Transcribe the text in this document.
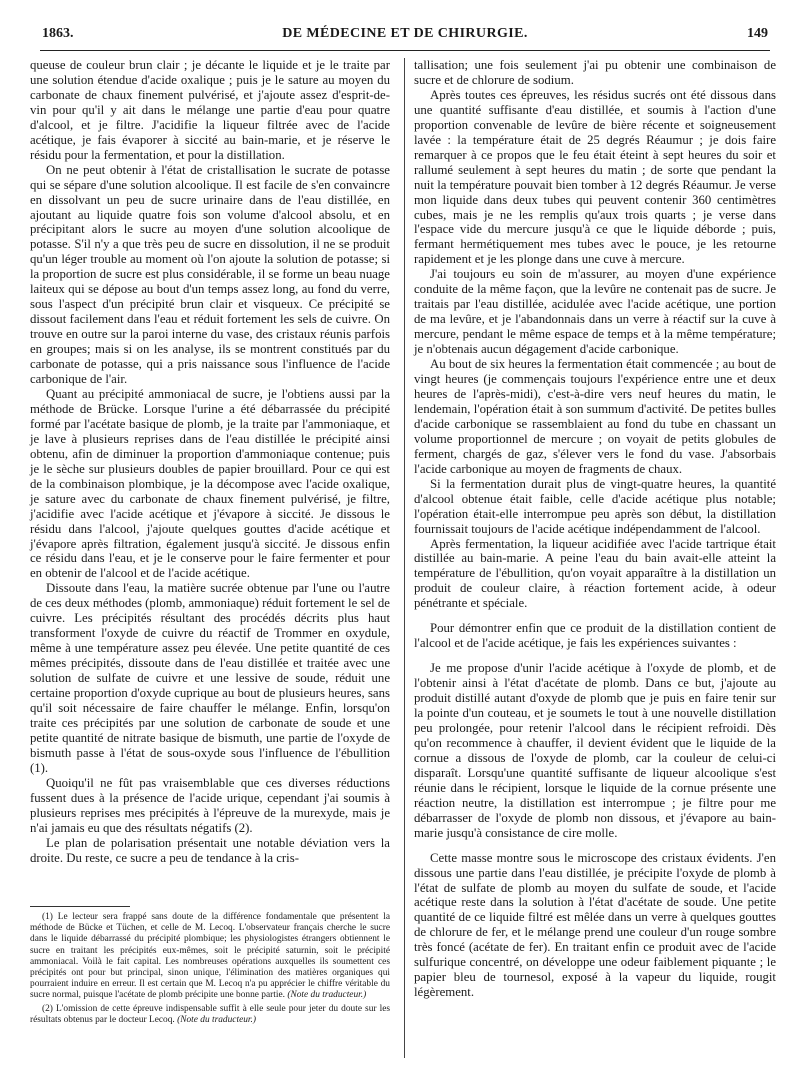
1863.	DE MÉDECINE ET DE CHIRURGIE.	149

queuse de couleur brun clair ; je décante le liquide et je le traite par une solution étendue d'acide oxalique ; puis je le sature au moyen du carbonate de chaux finement pulvérisé, et j'ajoute assez d'esprit-de-vin pour qu'il y ait dans le mélange une partie d'eau pour quatre d'alcool, et je filtre. J'acidifie la liqueur filtrée avec de l'acide acétique, je fais évaporer à siccité au bain-marie, et je réserve le résidu pour la fermentation, et pour la distillation.

On ne peut obtenir à l'état de cristallisation le sucrate de potasse qui se sépare d'une solution alcoolique. Il est facile de s'en convaincre en dissolvant un peu de sucre urinaire dans de l'eau distillée, en ajoutant au liquide quatre fois son volume d'alcool absolu, et en précipitant alors le sucre au moyen d'une solution alcoolique de potasse. S'il n'y a que très peu de sucre en dissolution, il ne se produit qu'un léger trouble au moment où l'on ajoute la solution de potasse; si la proportion de sucre est plus considérable, il se forme un beau nuage laiteux qui se dépose au bout d'un temps assez long, au fond du verre, sous l'aspect d'un précipité brun clair et visqueux. Ce précipité se dissout facilement dans l'eau et réduit fortement les sels de cuivre. On trouve en outre sur la paroi interne du vase, des cristaux réunis parfois en groupes; mais si on les analyse, ils se montrent constitués par du carbonate de potasse, qui a pris naissance sous l'influence de l'acide carbonique de l'air.

Quant au précipité ammoniacal de sucre, je l'obtiens aussi par la méthode de Brücke. Lorsque l'urine a été débarrassée du précipité formé par l'acétate basique de plomb, je la traite par l'ammoniaque, et je lave à plusieurs reprises dans de l'eau distillée le précipité ainsi obtenu, afin de diminuer la proportion d'ammoniaque contenue; puis je le sèche sur plusieurs doubles de papier brouillard. Pour ce qui est de la combinaison plombique, je la décompose avec l'acide oxalique, je sature avec du carbonate de chaux finement pulvérisé, je filtre, j'acidifie avec l'acide acétique et j'évapore à siccité. Je dissous le résidu dans l'alcool, j'ajoute quelques gouttes d'acide acétique et j'évapore après filtration, également jusqu'à siccité. Je dissous enfin ce résidu dans l'eau, et je le conserve pour le faire fermenter et pour en obtenir de l'alcool et de l'acide acétique.

Dissoute dans l'eau, la matière sucrée obtenue par l'une ou l'autre de ces deux méthodes (plomb, ammoniaque) réduit fortement le sel de cuivre. Les précipités résultant des procédés décrits plus haut transforment l'oxyde de cuivre du réactif de Trommer en oxydule, même à une température assez peu élevée. Une petite quantité de ces mêmes précipités, dissoute dans de l'eau distillée et traitée avec une solution de sulfate de cuivre et une lessive de soude, réduit une certaine proportion d'oxyde cuprique au bout de plusieurs heures, sans qu'il soit nécessaire de faire chauffer le mélange. Enfin, lorsqu'on traite ces précipités par une solution de carbonate de soude et une petite quantité de nitrate basique de bismuth, une partie de l'oxyde de bismuth passe à l'état de sous-oxyde sous l'influence de l'ébullition (1).

Quoiqu'il ne fût pas vraisemblable que ces diverses réductions fussent dues à la présence de l'acide urique, cependant j'ai soumis à plusieurs reprises mes précipités à l'épreuve de la murexyde, mais je n'ai jamais eu que des résultats négatifs (2).

Le plan de polarisation présentait une notable déviation vers la droite. Du reste, ce sucre a peu de tendance à la cris-

(1) Le lecteur sera frappé sans doute de la différence fondamentale que présentent la méthode de Bücke et Tüchen, et celle de M. Lecoq. L'observateur français cherche le sucre dans le liquide débarrassé du précipité plombique; les physiologistes étrangers obtiennent le sucre en traitant les précipités eux-mêmes, soit le précipité saturnin, soit le précipité ammoniacal. Voilà le fait capital. Les nombreuses opérations auxquelles ils soumettent ces précipités ont pour but principal, sinon unique, l'élimination des matières organiques qui pourraient induire en erreur. Il est certain que M. Lecoq n'a pu apprécier le chiffre véritable du sucre normal, puisque l'acétate de plomb précipite une bonne partie. (Note du traducteur.)

(2) L'omission de cette épreuve indispensable suffit à elle seule pour jeter du doute sur les résultats obtenus par le docteur Lecoq. (Note du traducteur.)

tallisation; une fois seulement j'ai pu obtenir une combinaison de sucre et de chlorure de sodium.

Après toutes ces épreuves, les résidus sucrés ont été dissous dans une quantité suffisante d'eau distillée, et soumis à l'action d'une proportion convenable de levûre de bière récente et soigneusement lavée : la température était de 25 degrés Réaumur ; je dois faire remarquer à ce propos que le feu était éteint à sept heures du soir et rallumé seulement à sept heures du matin ; de sorte que pendant la nuit la température pouvait bien tomber à 12 degrés Réaumur. Je verse mon liquide dans deux tubes qui peuvent contenir 360 centimètres cubes, mais je ne les remplis qu'aux trois quarts ; je verse dans l'espace vide du mercure jusqu'à ce que le liquide déborde ; puis, fermant hermétiquement mes tubes avec le pouce, je les retourne rapidement et je les plonge dans une cuve à mercure.

J'ai toujours eu soin de m'assurer, au moyen d'une expérience conduite de la même façon, que la levûre ne contenait pas de sucre. Je traitais par l'eau distillée, acidulée avec l'acide acétique, une portion de ma levûre, et je l'abandonnais dans un verre à réactif sur la cuve à mercure, pendant le même espace de temps et à la même température; je n'obtenais aucun dégagement d'acide carbonique.

Au bout de six heures la fermentation était commencée ; au bout de vingt heures (je commençais toujours l'expérience entre une et deux heures de l'après-midi), c'est-à-dire vers neuf heures du matin, le lendemain, l'opération était à son summum d'activité. De petites bulles d'acide carbonique se rassemblaient au fond du tube en chassant un volume proportionnel de mercure ; on voyait de petits globules de ferment, chargés de gaz, s'élever vers le fond du vase. J'absorbais l'acide carbonique au moyen de fragments de chaux.

Si la fermentation durait plus de vingt-quatre heures, la quantité d'alcool obtenue était faible, celle d'acide acétique plus notable; l'opération était-elle interrompue peu après son début, la distillation fournissait toujours de l'acide acétique indépendamment de l'alcool.

Après fermentation, la liqueur acidifiée avec l'acide tartrique était distillée au bain-marie. A peine l'eau du bain avait-elle atteint la température de l'ébullition, qu'on voyait apparaître à la distillation un produit de couleur claire, à réaction fortement acide, à odeur pénétrante et spéciale.

Pour démontrer enfin que ce produit de la distillation contient de l'alcool et de l'acide acétique, je fais les expériences suivantes :

Je me propose d'unir l'acide acétique à l'oxyde de plomb, et de l'obtenir ainsi à l'état d'acétate de plomb. Dans ce but, j'ajoute au produit distillé autant d'oxyde de plomb que je puis en faire tenir sur la pointe d'un couteau, et je soumets le tout à une nouvelle distillation peu prolongée, pour retenir l'alcool dans le récipient refroidi. Dès qu'on recommence à chauffer, il devient évident que le liquide de la cornue a dissous de l'oxyde de plomb, car la couleur de celui-ci disparaît. Lorsqu'une quantité suffisante de liqueur alcoolique s'est réunie dans le récipient, lorsque le liquide de la cornue présente une réaction neutre, la distillation est interrompue ; je filtre pour me débarrasser de l'oxyde de plomb non dissous, et j'évapore au bain-marie jusqu'à consistance de cire molle.

Cette masse montre sous le microscope des cristaux évidents. J'en dissous une partie dans l'eau distillée, je précipite l'oxyde de plomb à l'état de sulfate de plomb au moyen du sulfate de soude, et l'acide acétique reste dans la solution à l'état d'acétate de soude. Une petite quantité de ce liquide filtré est mêlée dans un verre à quelques gouttes de chlorure de fer, et le mélange prend une couleur d'un rouge sombre très foncé (acétate de fer). En traitant enfin ce produit avec de l'acide sulfurique concentré, on développe une odeur faiblement piquante ; le papier bleu de tournesol, exposé à la vapeur du liquide, rougit légèrement.
